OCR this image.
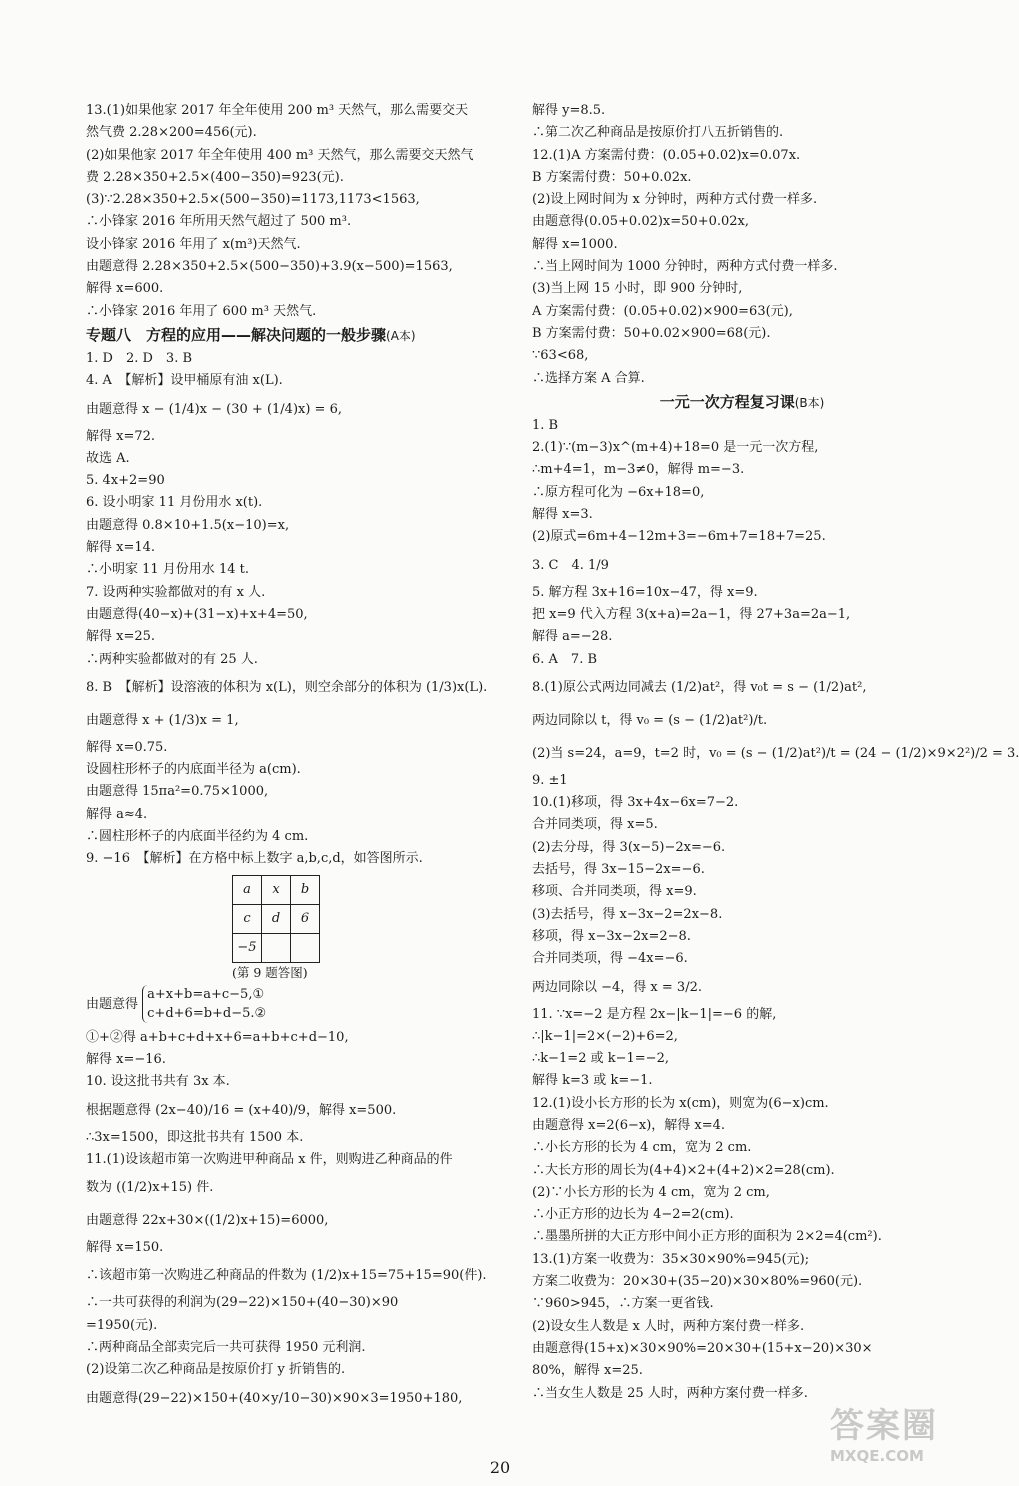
13.(1)如果他家 2017 年全年使用 200 m³ 天然气，那么需要交天
然气费 2.28×200=456(元).
(2)如果他家 2017 年全年使用 400 m³ 天然气，那么需要交天然气
费 2.28×350+2.5×(400−350)=923(元).
(3)∵2.28×350+2.5×(500−350)=1173,1173<1563,
∴小锋家 2016 年所用天然气超过了 500 m³.
设小锋家 2016 年用了 x(m³)天然气.
由题意得 2.28×350+2.5×(500−350)+3.9(x−500)=1563,
解得 x=600.
∴小锋家 2016 年用了 600 m³ 天然气.
专题八　方程的应用——解决问题的一般步骤(A本)
1. D　2. D　3. B
4. A　【解析】设甲桶原有油 x(L).
由题意得 x − (1/4)x − (30 + (1/4)x) = 6,
解得 x=72.
故选 A.
5. 4x+2=90
6. 设小明家 11 月份用水 x(t).
由题意得 0.8×10+1.5(x−10)=x,
解得 x=14.
∴小明家 11 月份用水 14 t.
7. 设两种实验都做对的有 x 人.
由题意得(40−x)+(31−x)+x+4=50,
解得 x=25.
∴两种实验都做对的有 25 人.
8. B　【解析】设溶液的体积为 x(L)，则空余部分的体积为 (1/3)x(L).
由题意得 x + (1/3)x = 1,
解得 x=0.75.
设圆柱形杯子的内底面半径为 a(cm).
由题意得 15πa²=0.75×1000,
解得 a≈4.
∴圆柱形杯子的内底面半径约为 4 cm.
9. −16　【解析】在方格中标上数字 a,b,c,d，如答图所示.
a	x	b
c	d	6
−5		
(第 9 题答图)
由题意得
a+x+b=a+c−5,①
c+d+6=b+d−5.②
①+②得 a+b+c+d+x+6=a+b+c+d−10,
解得 x=−16.
10. 设这批书共有 3x 本.
根据题意得 (2x−40)/16 = (x+40)/9，解得 x=500.
∴3x=1500，即这批书共有 1500 本.
11.(1)设该超市第一次购进甲种商品 x 件，则购进乙种商品的件
数为 ((1/2)x+15) 件.
由题意得 22x+30×((1/2)x+15)=6000,
解得 x=150.
∴该超市第一次购进乙种商品的件数为 (1/2)x+15=75+15=90(件).
∴一共可获得的利润为(29−22)×150+(40−30)×90
=1950(元).
∴两种商品全部卖完后一共可获得 1950 元利润.
(2)设第二次乙种商品是按原价打 y 折销售的.
由题意得(29−22)×150+(40×y/10−30)×90×3=1950+180,
解得 y=8.5.
∴第二次乙种商品是按原价打八五折销售的.
12.(1)A 方案需付费：(0.05+0.02)x=0.07x.
B 方案需付费：50+0.02x.
(2)设上网时间为 x 分钟时，两种方式付费一样多.
由题意得(0.05+0.02)x=50+0.02x,
解得 x=1000.
∴当上网时间为 1000 分钟时，两种方式付费一样多.
(3)当上网 15 小时，即 900 分钟时,
A 方案需付费：(0.05+0.02)×900=63(元),
B 方案需付费：50+0.02×900=68(元).
∵63<68,
∴选择方案 A 合算.
一元一次方程复习课(B本)
1. B
2.(1)∵(m−3)x^(m+4)+18=0 是一元一次方程,
∴m+4=1，m−3≠0，解得 m=−3.
∴原方程可化为 −6x+18=0,
解得 x=3.
(2)原式=6m+4−12m+3=−6m+7=18+7=25.
3. C　4. 1/9
5. 解方程 3x+16=10x−47，得 x=9.
把 x=9 代入方程 3(x+a)=2a−1，得 27+3a=2a−1,
解得 a=−28.
6. A　7. B
8.(1)原公式两边同减去 (1/2)at²，得 v₀t = s − (1/2)at²,
两边同除以 t，得 v₀ = (s − (1/2)at²)/t.
(2)当 s=24，a=9，t=2 时，v₀ = (s − (1/2)at²)/t = (24 − (1/2)×9×2²)/2 = 3.
9. ±1
10.(1)移项，得 3x+4x−6x=7−2.
合并同类项，得 x=5.
(2)去分母，得 3(x−5)−2x=−6.
去括号，得 3x−15−2x=−6.
移项、合并同类项，得 x=9.
(3)去括号，得 x−3x−2=2x−8.
移项，得 x−3x−2x=2−8.
合并同类项，得 −4x=−6.
两边同除以 −4，得 x = 3/2.
11. ∵x=−2 是方程 2x−|k−1|=−6 的解,
∴|k−1|=2×(−2)+6=2,
∴k−1=2 或 k−1=−2,
解得 k=3 或 k=−1.
12.(1)设小长方形的长为 x(cm)，则宽为(6−x)cm.
由题意得 x=2(6−x)，解得 x=4.
∴小长方形的长为 4 cm，宽为 2 cm.
∴大长方形的周长为(4+4)×2+(4+2)×2=28(cm).
(2)∵小长方形的长为 4 cm，宽为 2 cm,
∴小正方形的边长为 4−2=2(cm).
∴墨墨所拼的大正方形中间小正方形的面积为 2×2=4(cm²).
13.(1)方案一收费为：35×30×90%=945(元);
方案二收费为：20×30+(35−20)×30×80%=960(元).
∵960>945，∴方案一更省钱.
(2)设女生人数是 x 人时，两种方案付费一样多.
由题意得(15+x)×30×90%=20×30+(15+x−20)×30×
80%，解得 x=25.
∴当女生人数是 25 人时，两种方案付费一样多.
20
答案圈
MXQE.COM
